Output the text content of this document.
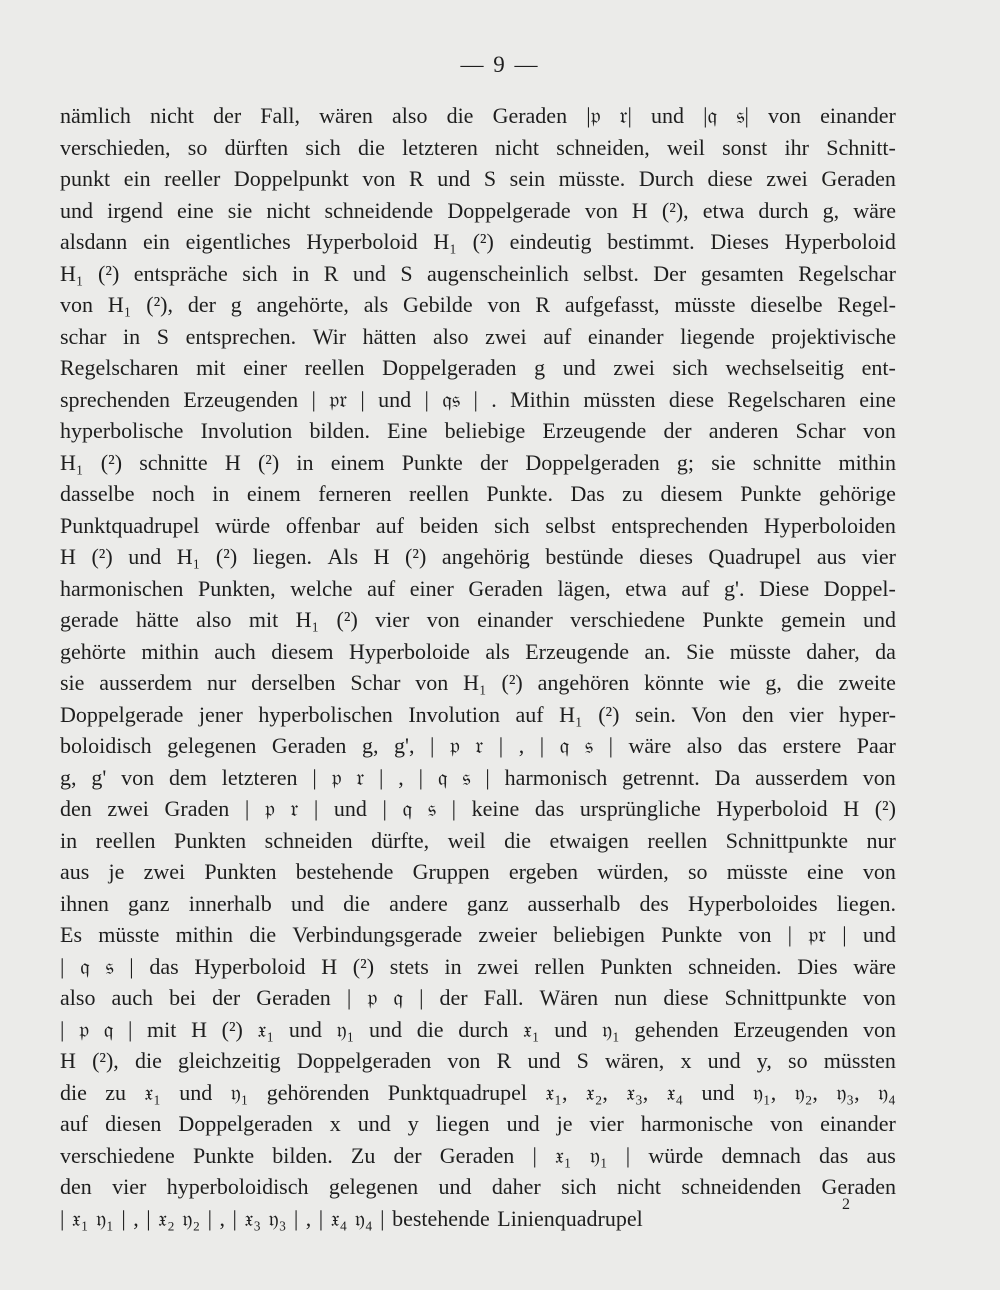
— 9 —
nämlich nicht der Fall, wären also die Geraden |𝔭 𝔯| und |𝔮 𝔰| von einander
verschieden, so dürften sich die letzteren nicht schneiden, weil sonst ihr Schnitt-
punkt ein reeller Doppelpunkt von R und S sein müsste. Durch diese zwei Geraden
und irgend eine sie nicht schneidende Doppelgerade von H (²), etwa durch g, wäre
alsdann ein eigentliches Hyperboloid H₁ (²) eindeutig bestimmt. Dieses Hyperboloid
H₁ (²) entspräche sich in R und S augenscheinlich selbst. Der gesamten Regelschar
von H₁ (²), der g angehörte, als Gebilde von R aufgefasst, müsste dieselbe Regel-
schar in S entsprechen. Wir hätten also zwei auf einander liegende projektivische
Regelscharen mit einer reellen Doppelgeraden g und zwei sich wechselseitig ent-
sprechenden Erzeugenden | 𝔭𝔯 | und | 𝔮𝔰 | . Mithin müssten diese Regelscharen eine
hyperbolische Involution bilden. Eine beliebige Erzeugende der anderen Schar von
H₁ (²) schnitte H (²) in einem Punkte der Doppelgeraden g; sie schnitte mithin
dasselbe noch in einem ferneren reellen Punkte. Das zu diesem Punkte gehörige
Punktquadrupel würde offenbar auf beiden sich selbst entsprechenden Hyperboloiden
H (²) und H₁ (²) liegen. Als H (²) angehörig bestünde dieses Quadrupel aus vier
harmonischen Punkten, welche auf einer Geraden lägen, etwa auf g'. Diese Doppel-
gerade hätte also mit H₁ (²) vier von einander verschiedene Punkte gemein und
gehörte mithin auch diesem Hyperboloide als Erzeugende an. Sie müsste daher, da
sie ausserdem nur derselben Schar von H₁ (²) angehören könnte wie g, die zweite
Doppelgerade jener hyperbolischen Involution auf H₁ (²) sein. Von den vier hyper-
boloidisch gelegenen Geraden g, g', | 𝔭 𝔯 | , | 𝔮 𝔰 | wäre also das erstere Paar
g, g' von dem letzteren | 𝔭 𝔯 | , | 𝔮 𝔰 | harmonisch getrennt. Da ausserdem von
den zwei Graden | 𝔭 𝔯 | und | 𝔮 𝔰 | keine das ursprüngliche Hyperboloid H (²)
in reellen Punkten schneiden dürfte, weil die etwaigen reellen Schnittpunkte nur
aus je zwei Punkten bestehende Gruppen ergeben würden, so müsste eine von
ihnen ganz innerhalb und die andere ganz ausserhalb des Hyperboloides liegen.
Es müsste mithin die Verbindungsgerade zweier beliebigen Punkte von | 𝔭𝔯 | und
| 𝔮 𝔰 | das Hyperboloid H (²) stets in zwei rellen Punkten schneiden. Dies wäre
also auch bei der Geraden | 𝔭 𝔮 | der Fall. Wären nun diese Schnittpunkte von
| 𝔭 𝔮 | mit H (²) 𝔵₁ und 𝔶₁ und die durch 𝔵₁ und 𝔶₁ gehenden Erzeugenden von
H (²), die gleichzeitig Doppelgeraden von R und S wären, x und y, so müssten
die zu 𝔵₁ und 𝔶₁ gehörenden Punktquadrupel 𝔵₁, 𝔵₂, 𝔵₃, 𝔵₄ und 𝔶₁, 𝔶₂, 𝔶₃, 𝔶₄
auf diesen Doppelgeraden x und y liegen und je vier harmonische von einander
verschiedene Punkte bilden. Zu der Geraden | 𝔵₁ 𝔶₁ | würde demnach das aus
den vier hyperboloidisch gelegenen und daher sich nicht schneidenden Geraden
|
𝔵₁
𝔶₁
|
,
|
𝔵₂
𝔶₂
|
,
|
𝔵₃
𝔶₃
|
,
|
𝔵₄
𝔶₄
|
bestehende
Linienquadrupel
2
